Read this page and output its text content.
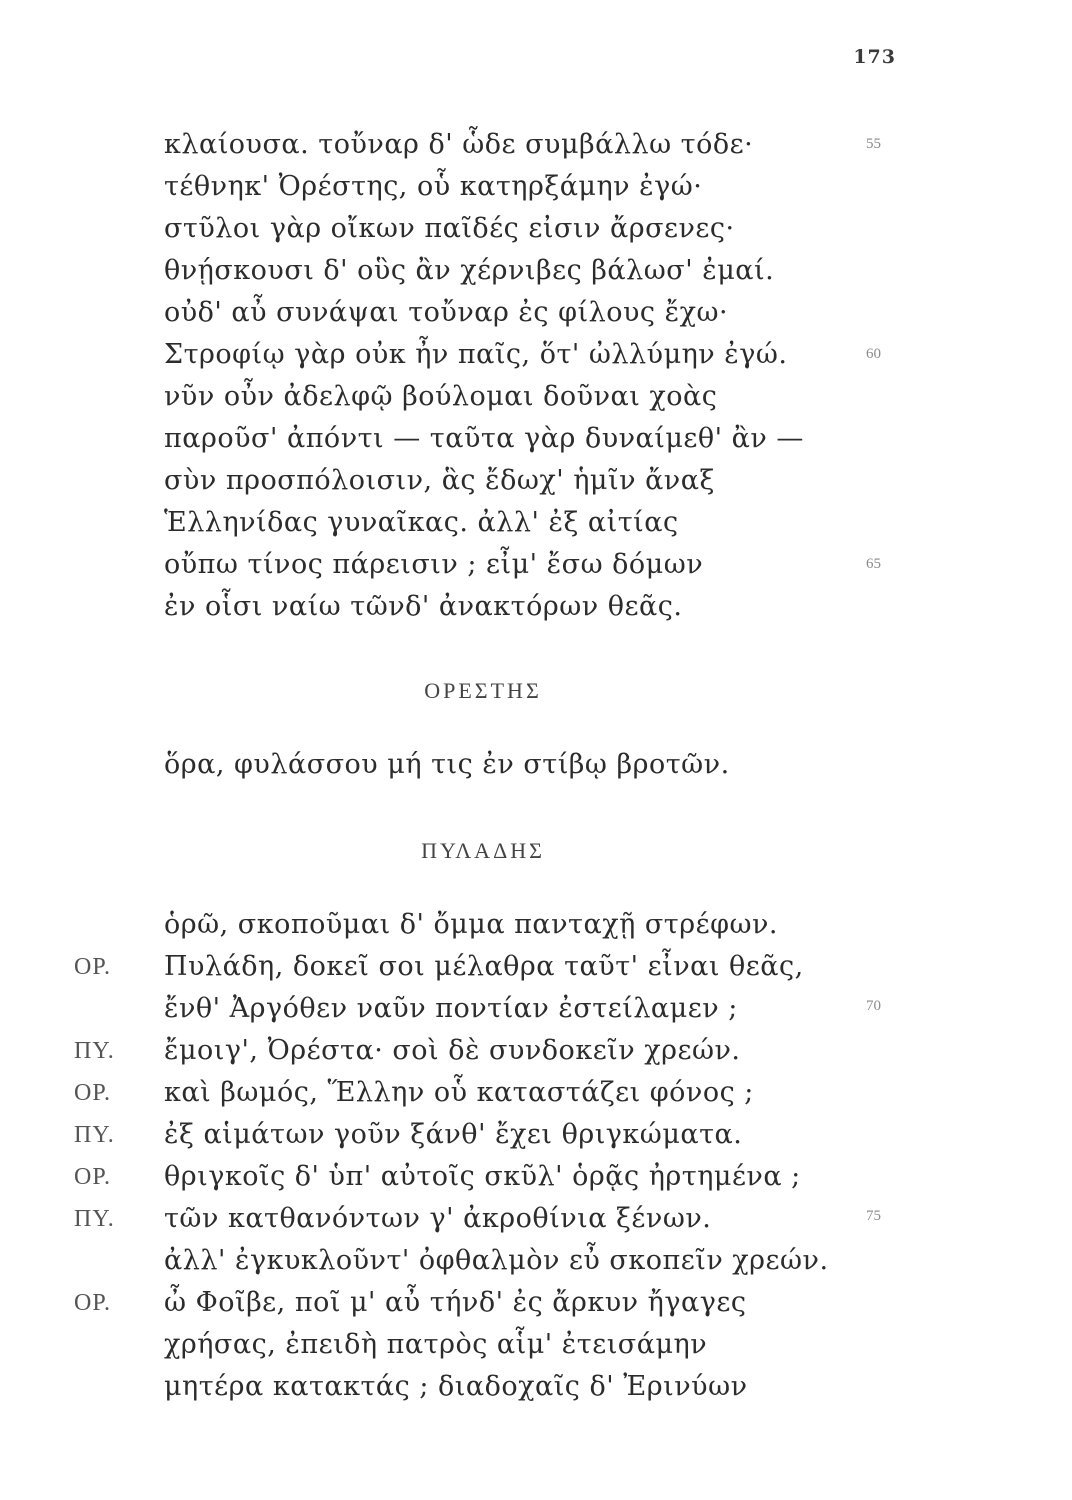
173
κλαίουσα. τοὔναρ δ' ὧδε συμβάλλω τόδε·
τέθνηκ' Ὀρέστης, οὗ κατηρξάμην ἐγώ·
στῦλοι γὰρ οἴκων παῖδές εἰσιν ἄρσενες·
θνῄσκουσι δ' οὓς ἂν χέρνιβες βάλωσ' ἐμαί.
οὐδ' αὖ συνάψαι τοὔναρ ἐς φίλους ἔχω·
Στροφίῳ γὰρ οὐκ ἦν παῖς, ὅτ' ὠλλύμην ἐγώ.
νῦν οὖν ἀδελφῷ βούλομαι δοῦναι χοὰς
παροῦσ' ἀπόντι — ταῦτα γὰρ δυναίμεθ' ἂν —
σὺν προσπόλοισιν, ἃς ἔδωχ' ἡμῖν ἄναξ
Ἑλληνίδας γυναῖκας. ἀλλ' ἐξ αἰτίας
οὔπω τίνος πάρεισιν ; εἶμ' ἔσω δόμων
ἐν οἷσι ναίω τῶνδ' ἀνακτόρων θεᾶς.
55
60
65
ΟΡΕΣΤΗΣ
ὅρα, φυλάσσου μή τις ἐν στίβῳ βροτῶν.
ΠΥΛΑΔΗΣ
ὁρῶ, σκοποῦμαι δ' ὄμμα πανταχῇ στρέφων.
ΟΡ.	Πυλάδη, δοκεῖ σοι μέλαθρα ταῦτ' εἶναι θεᾶς,
ἔνθ' Ἀργόθεν ναῦν ποντίαν ἐστείλαμεν ;
ΠΥ.	ἔμοιγ', Ὀρέστα· σοὶ δὲ συνδοκεῖν χρεών.
ΟΡ.	καὶ βωμός, Ἕλλην οὗ καταστάζει φόνος ;
ΠΥ.	ἐξ αἱμάτων γοῦν ξάνθ' ἔχει θριγκώματα.
ΟΡ.	θριγκοῖς δ' ὑπ' αὐτοῖς σκῦλ' ὁρᾷς ἠρτημένα ;
ΠΥ.	τῶν κατθανόντων γ' ἀκροθίνια ξένων.
ἀλλ' ἐγκυκλοῦντ' ὀφθαλμὸν εὖ σκοπεῖν χρεών.
ΟΡ.	ὦ Φοῖβε, ποῖ μ' αὖ τήνδ' ἐς ἄρκυν ἤγαγες
χρήσας, ἐπειδὴ πατρὸς αἷμ' ἐτεισάμην
μητέρα κατακτάς ; διαδοχαῖς δ' Ἐρινύων
70
75
